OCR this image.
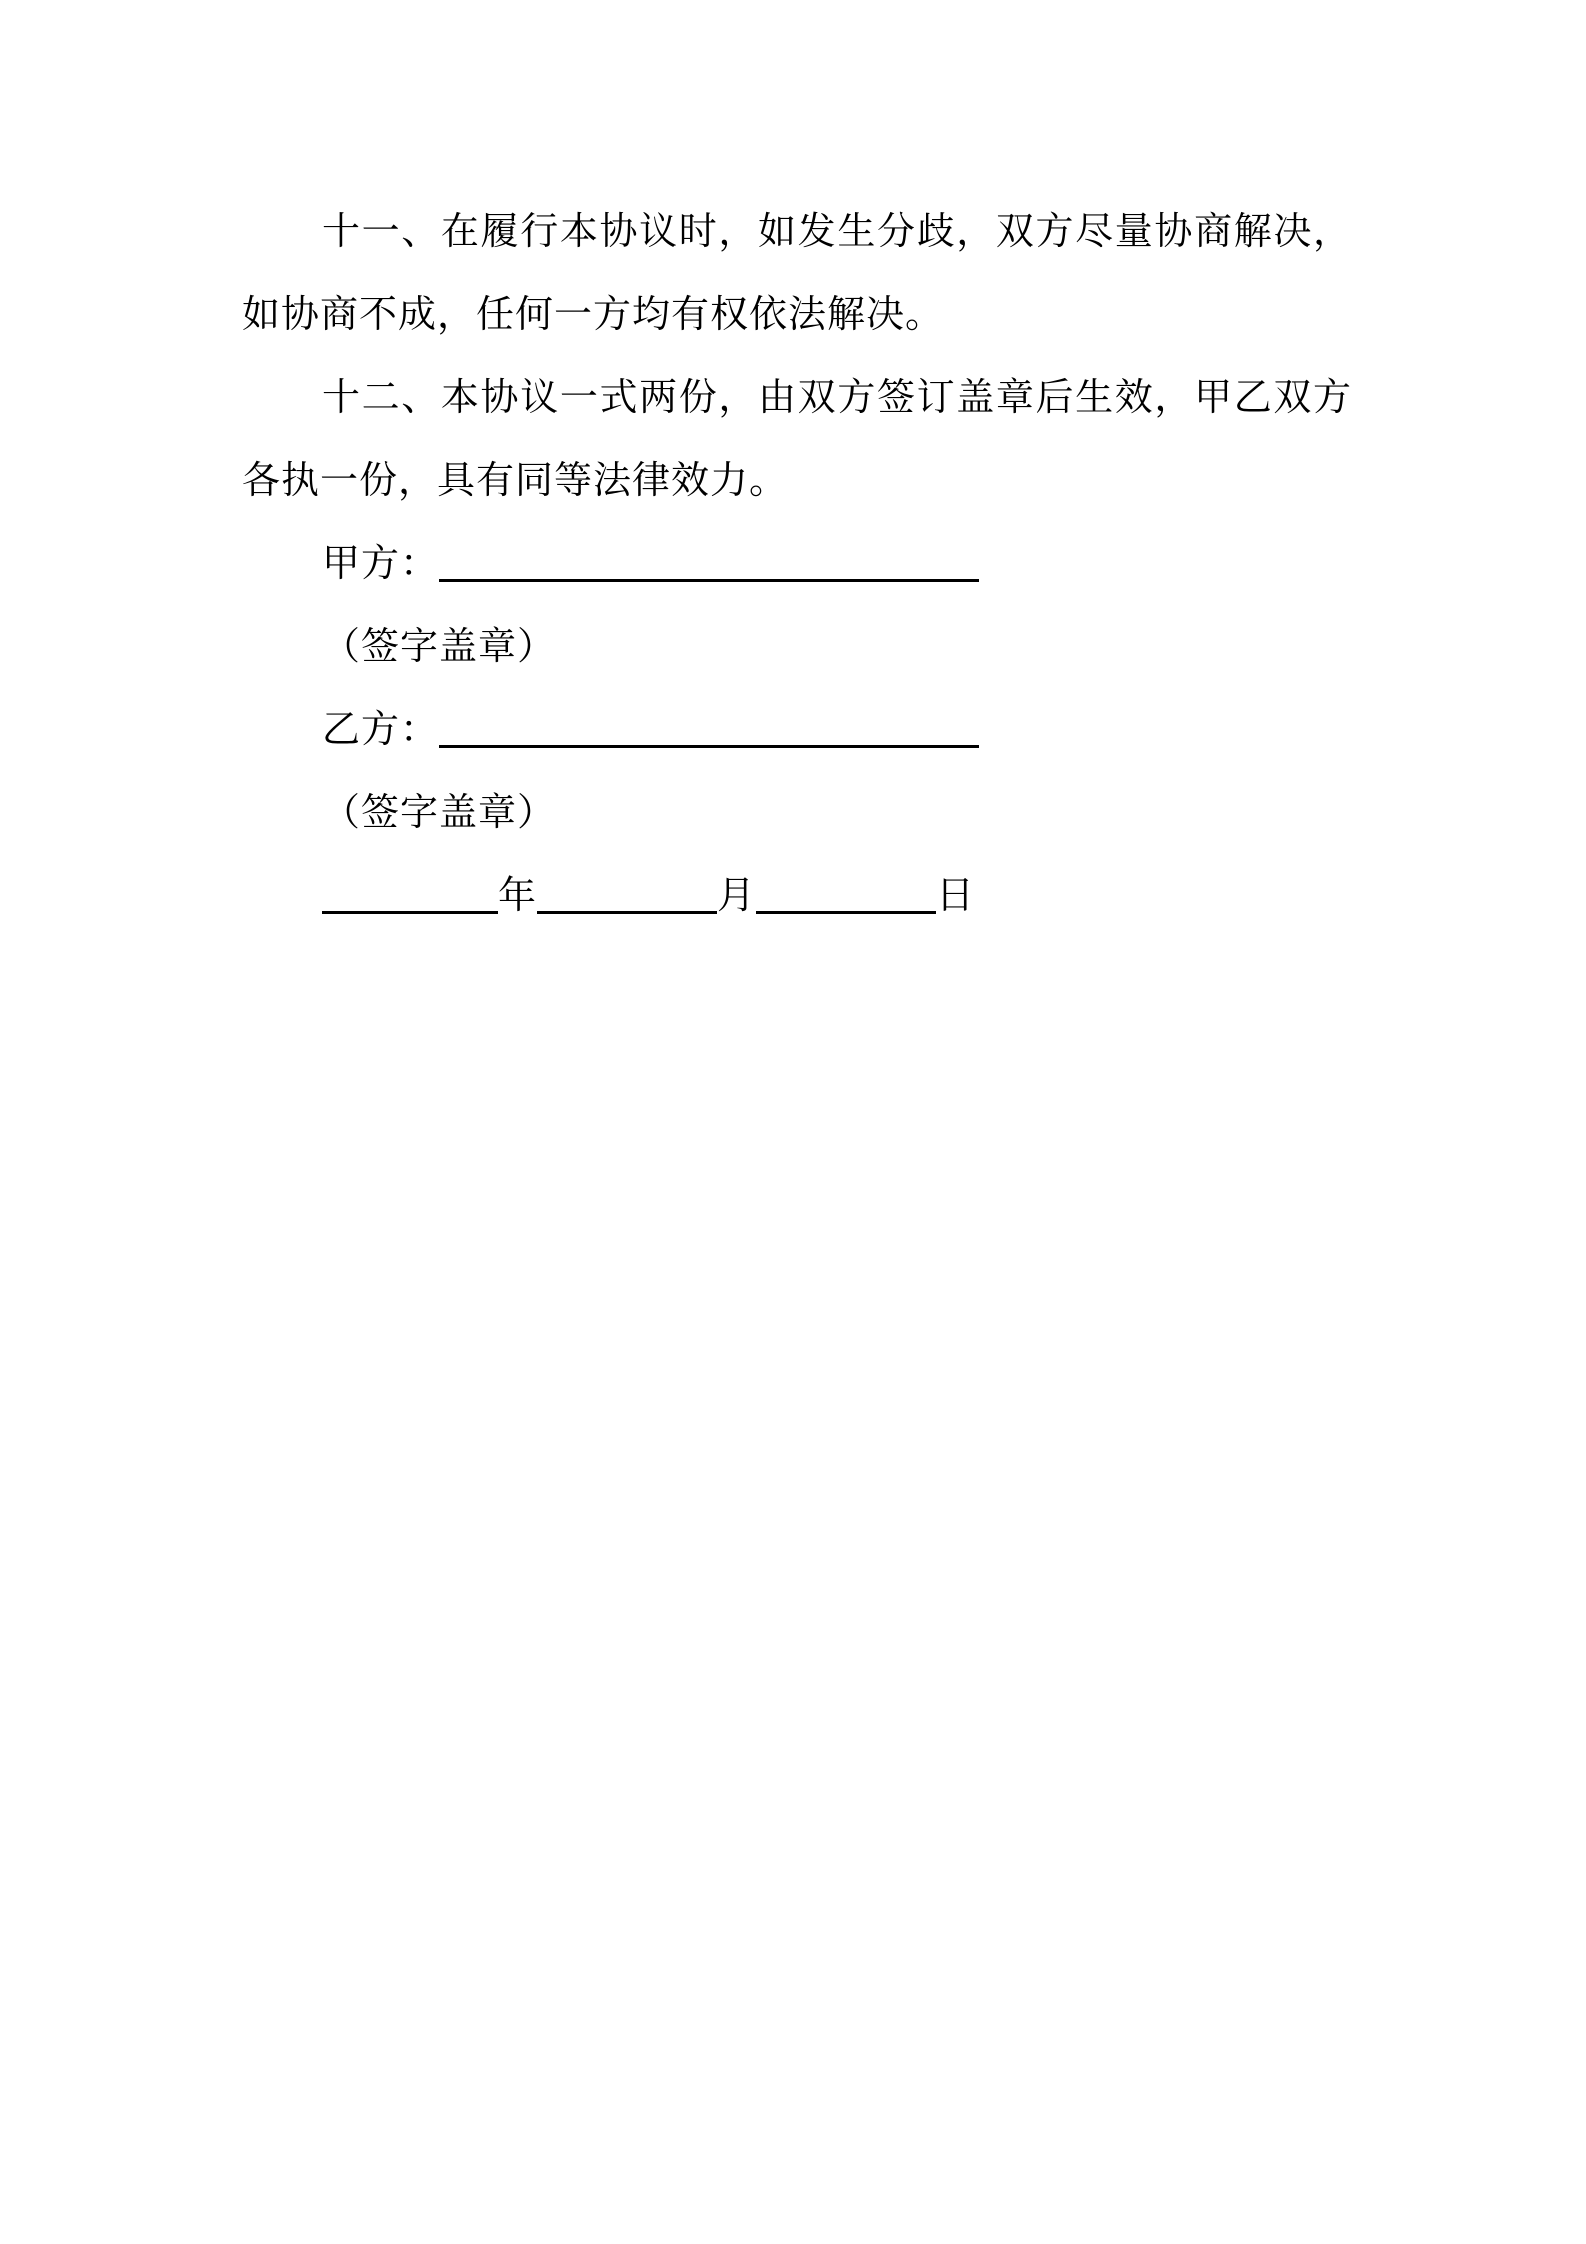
十一、在履行本协议时，如发生分歧，双方尽量协商解决，如协商不成，任何一方均有权依法解决。

十二、本协议一式两份，由双方签订盖章后生效，甲乙双方各执一份，具有同等法律效力。

甲方：

（签字盖章）

乙方：

（签字盖章）

年	月	日
